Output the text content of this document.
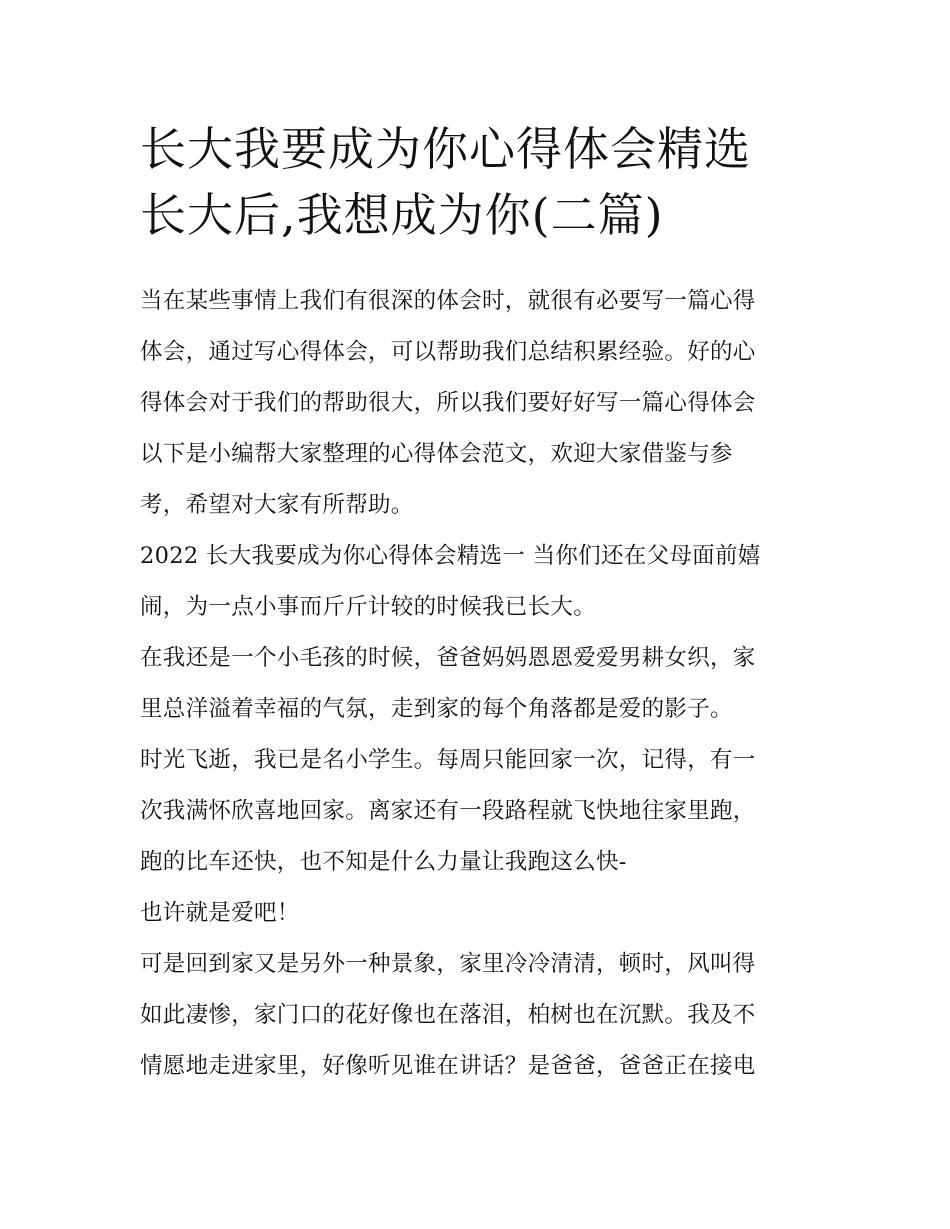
长大我要成为你心得体会精选
长大后,我想成为你(二篇)
当在某些事情上我们有很深的体会时，就很有必要写一篇心得
体会，通过写心得体会，可以帮助我们总结积累经验。好的心
得体会对于我们的帮助很大，所以我们要好好写一篇心得体会
以下是小编帮大家整理的心得体会范文，欢迎大家借鉴与参
考，希望对大家有所帮助。
2022 长大我要成为你心得体会精选一 当你们还在父母面前嬉
闹，为一点小事而斤斤计较的时候我已长大。
在我还是一个小毛孩的时候，爸爸妈妈恩恩爱爱男耕女织，家
里总洋溢着幸福的气氛，走到家的每个角落都是爱的影子。
时光飞逝，我已是名小学生。每周只能回家一次，记得，有一
次我满怀欣喜地回家。离家还有一段路程就飞快地往家里跑，
跑的比车还快，也不知是什么力量让我跑这么快-
也许就是爱吧！
可是回到家又是另外一种景象，家里冷冷清清，顿时，风叫得
如此凄惨，家门口的花好像也在落泪，柏树也在沉默。我及不
情愿地走进家里，好像听见谁在讲话？是爸爸，爸爸正在接电
